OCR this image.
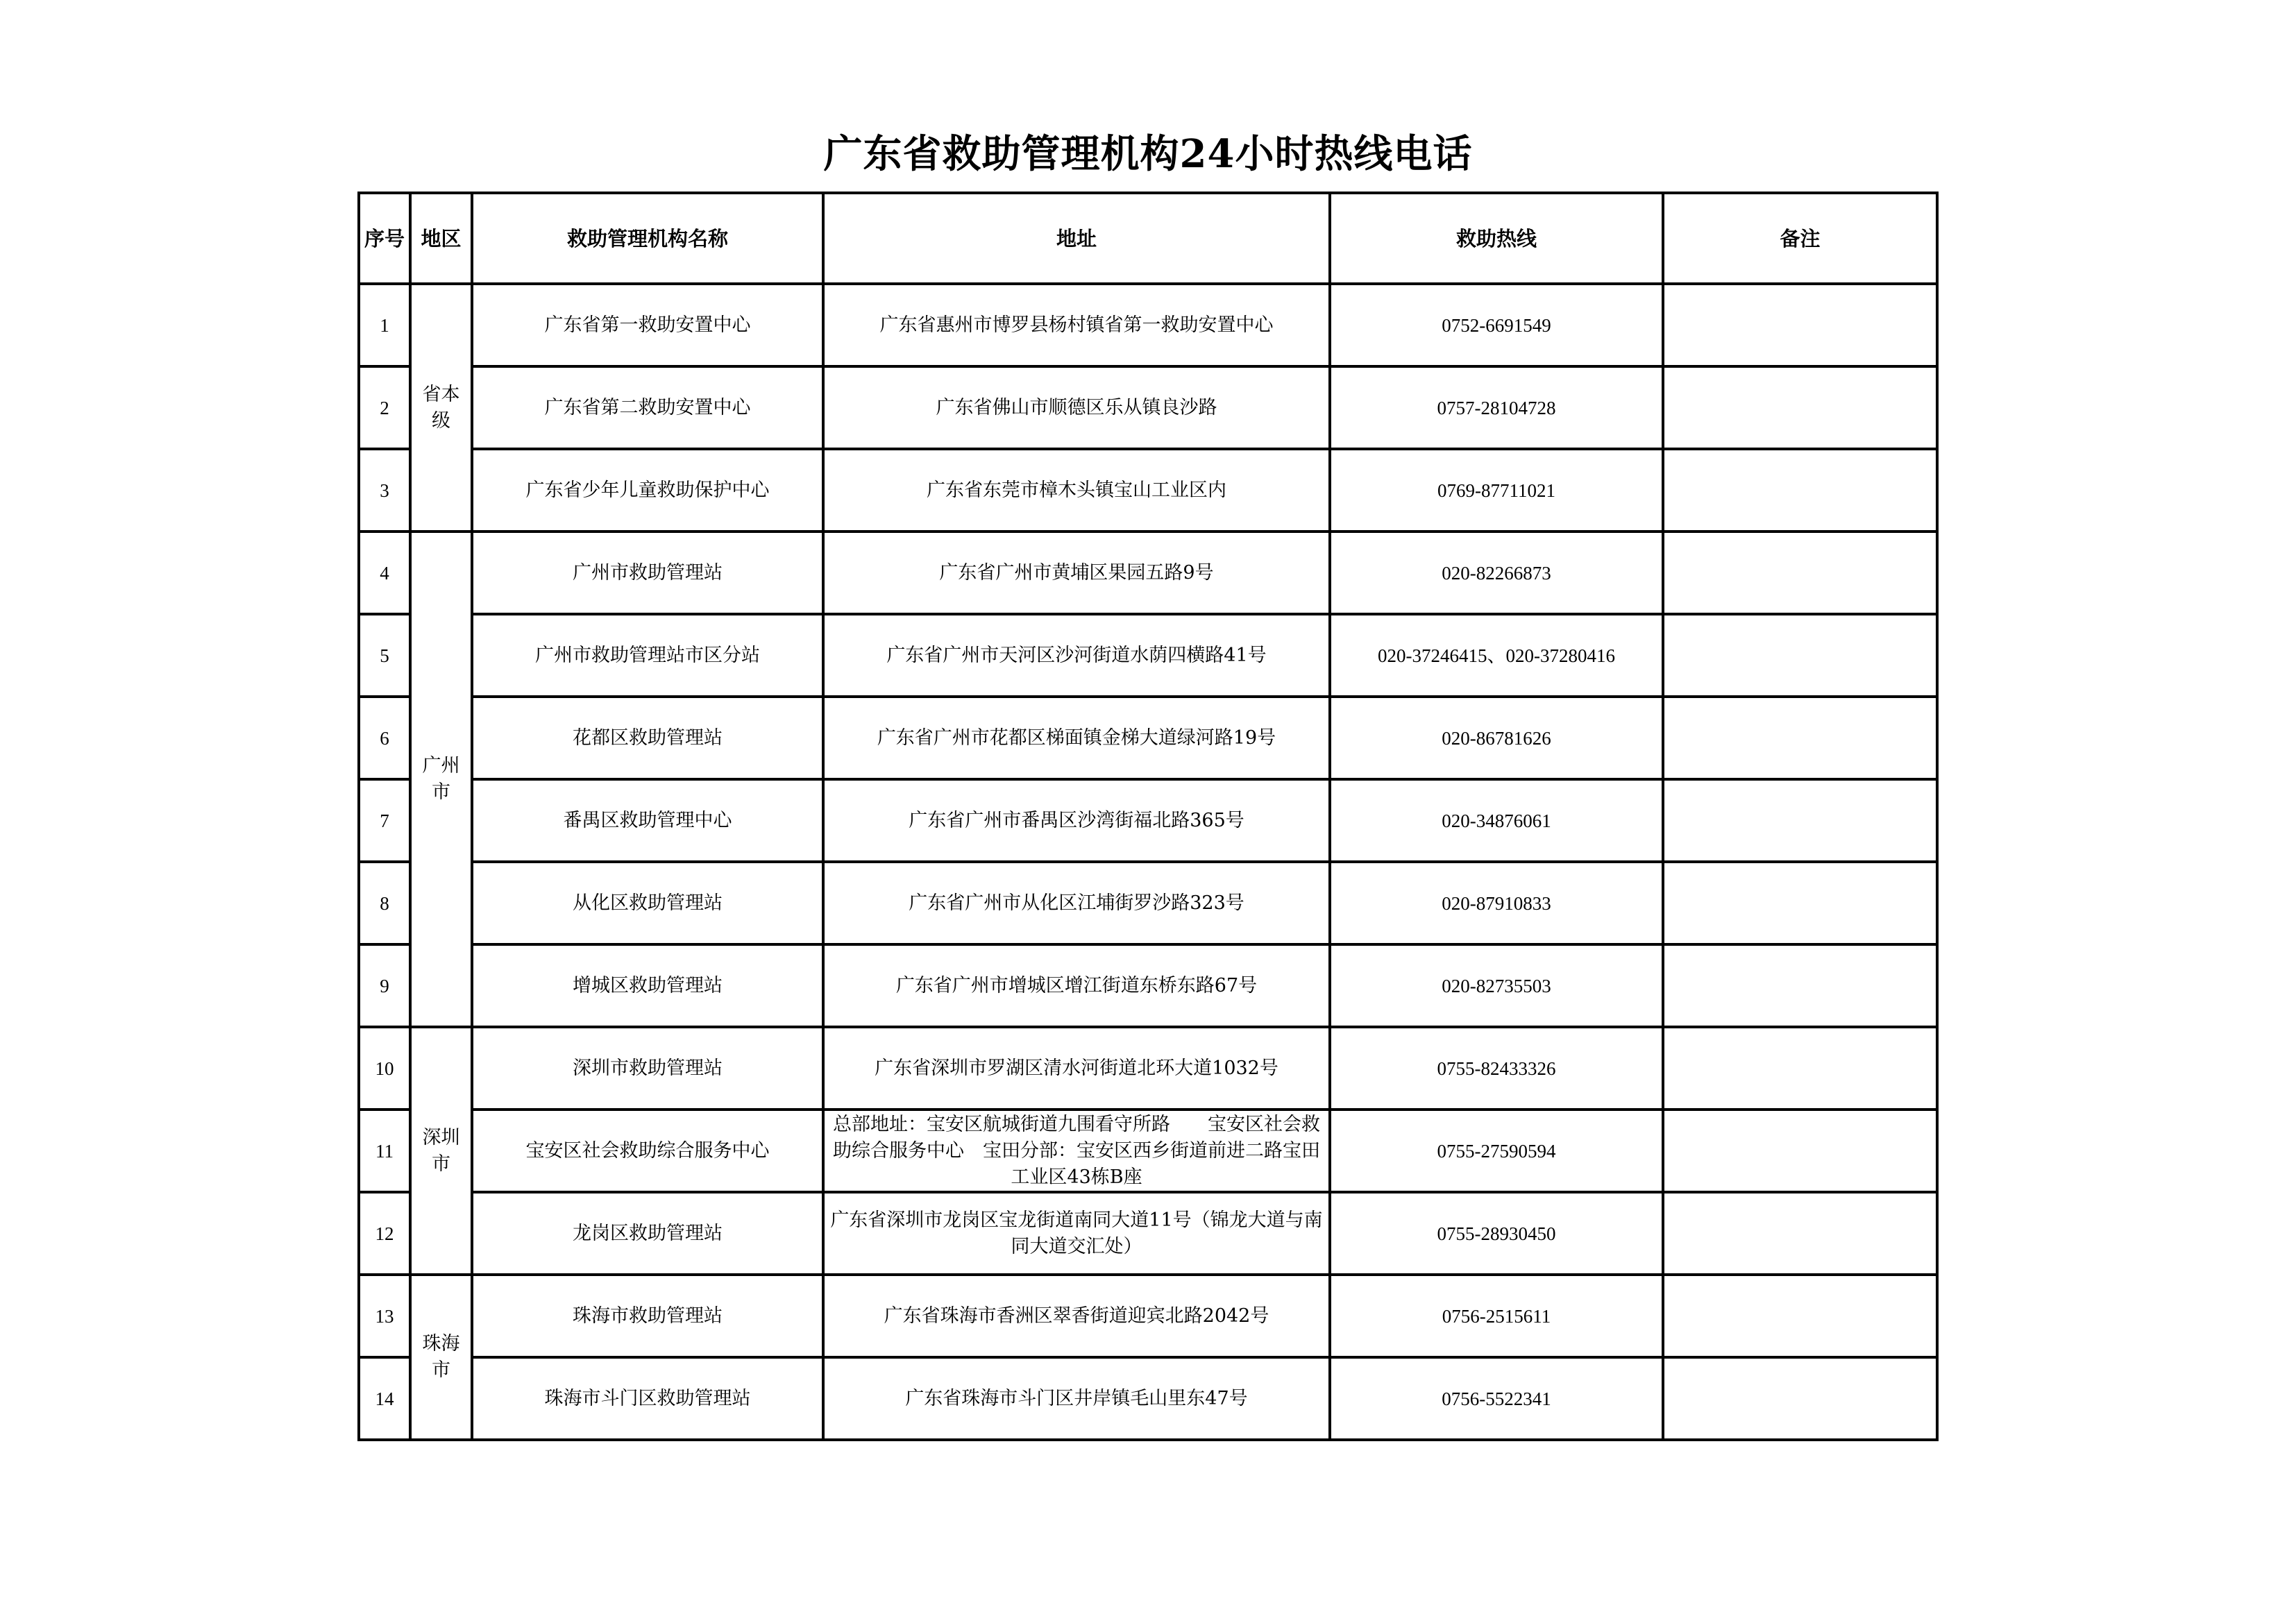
广东省救助管理机构24小时热线电话
序号	地区	救助管理机构名称	地址	救助热线	备注
1	省本级	广东省第一救助安置中心	广东省惠州市博罗县杨村镇省第一救助安置中心	0752-6691549	
2		广东省第二救助安置中心	广东省佛山市顺德区乐从镇良沙路	0757-28104728	
3		广东省少年儿童救助保护中心	广东省东莞市樟木头镇宝山工业区内	0769-87711021	
4	广州市	广州市救助管理站	广东省广州市黄埔区果园五路9号	020-82266873	
5		广州市救助管理站市区分站	广东省广州市天河区沙河街道水荫四横路41号	020-37246415、020-37280416	
6		花都区救助管理站	广东省广州市花都区梯面镇金梯大道绿河路19号	020-86781626	
7		番禺区救助管理中心	广东省广州市番禺区沙湾街福北路365号	020-34876061	
8		从化区救助管理站	广东省广州市从化区江埔街罗沙路323号	020-87910833	
9		增城区救助管理站	广东省广州市增城区增江街道东桥东路67号	020-82735503	
10	深圳市	深圳市救助管理站	广东省深圳市罗湖区清水河街道北环大道1032号	0755-82433326	
11		宝安区社会救助综合服务中心	总部地址：宝安区航城街道九围看守所路　　宝安区社会救助综合服务中心　宝田分部：宝安区西乡街道前进二路宝田工业区43栋B座	0755-27590594	
12		龙岗区救助管理站	广东省深圳市龙岗区宝龙街道南同大道11号（锦龙大道与南同大道交汇处）	0755-28930450	
13	珠海市	珠海市救助管理站	广东省珠海市香洲区翠香街道迎宾北路2042号	0756-2515611	
14		珠海市斗门区救助管理站	广东省珠海市斗门区井岸镇毛山里东47号	0756-5522341	
